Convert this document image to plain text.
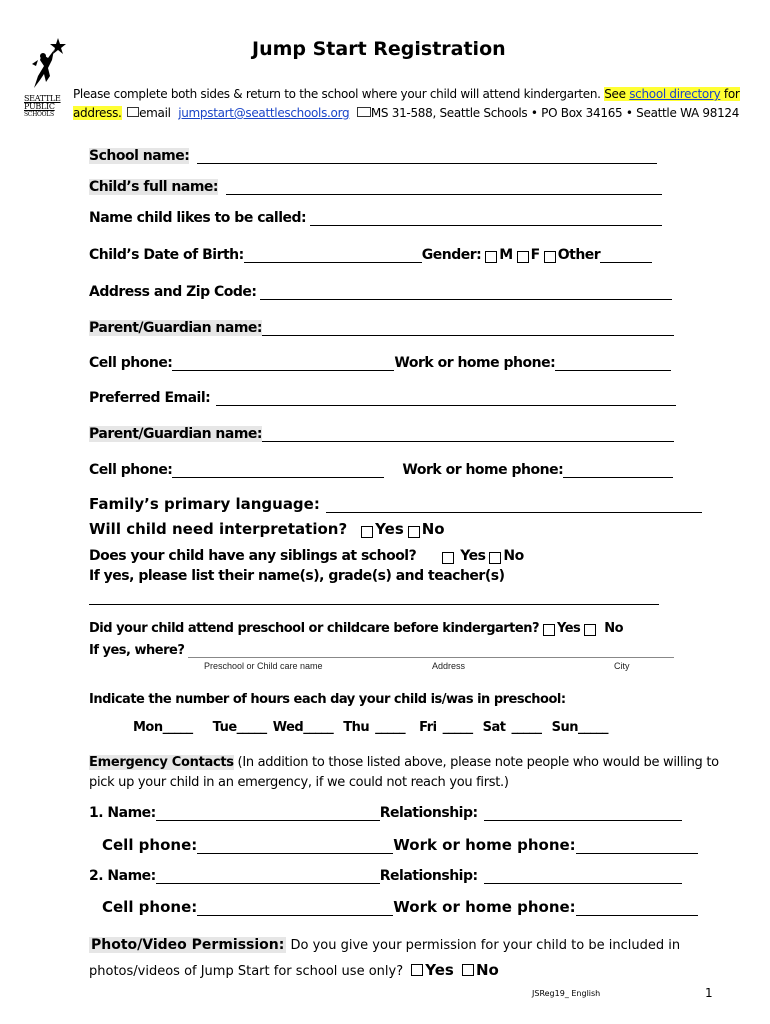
SEATTLE
PUBLIC
SCHOOLS
Jump Start Registration
Please complete both sides & return to the school where your child will attend kindergarten. See school directory for
address. email jumpstart@seattleschools.org MS 31-588, Seattle Schools • PO Box 34165 • Seattle WA 98124
School name:
Child’s full name:
Name child likes to be called:
Child’s Date of Birth:	Gender: M F Other
Address and Zip Code:
Parent/Guardian name:
Cell phone:	Work or home phone:
Preferred Email:
Parent/Guardian name:
Cell phone:	Work or home phone:
Family’s primary language:
Will child need interpretation? Yes No
Does your child have any siblings at school?	Yes No
If yes, please list their name(s), grade(s) and teacher(s)
Did your child attend preschool or childcare before kindergarten? Yes No
If yes, where?
Preschool or Child care name	Address	City
Indicate the number of hours each day your child is/was in preschool:
Mon_____ Tue_____ Wed_____ Thu _____ Fri _____ Sat _____ Sun_____
Emergency Contacts (In addition to those listed above, please note people who would be willing to
pick up your child in an emergency, if we could not reach you first.)
1. Name:	Relationship:
Cell phone:	Work or home phone:
2. Name:	Relationship:
Cell phone:	Work or home phone:
Photo/Video Permission: Do you give your permission for your child to be included in
photos/videos of Jump Start for school use only? Yes No
JSReg19_ English	1
